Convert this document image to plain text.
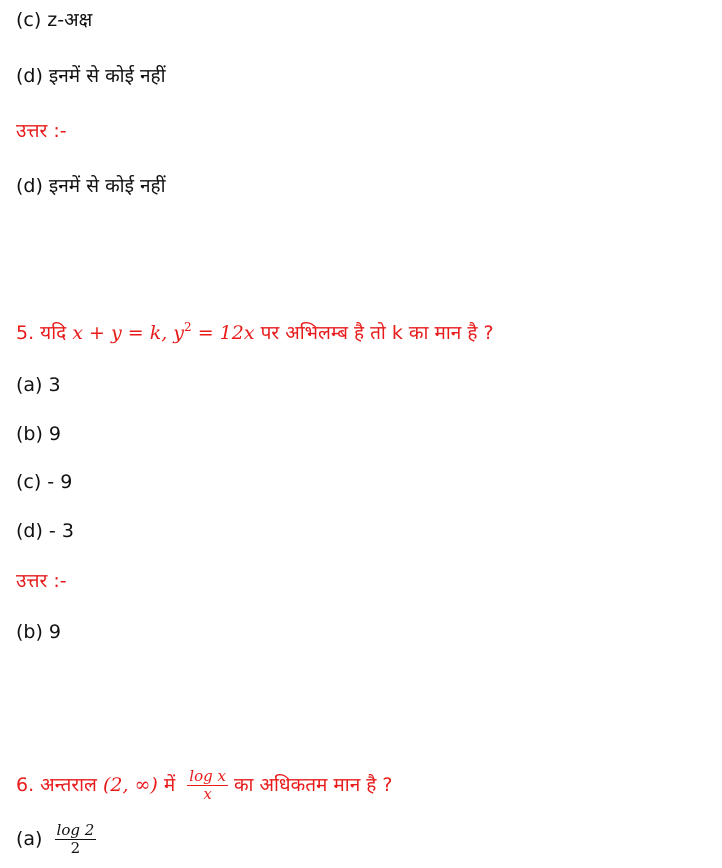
(c) z-अक्ष
(d) इनमें से कोई नहीं
उत्तर :-
(d) इनमें से कोई नहीं
5. यदि x + y = k, $y^2 = 12x$ पर अभिलम्ब है तो k का मान है ?
(a) 3
(b) 9
(c) - 9
(d) - 3
उत्तर :-
(b) 9
6. अन्तराल (2, ∞) में $\frac{\text{log x}}{x}$ का अधिकतम मान है ?
$(a) \frac{\log 2}{2}$
